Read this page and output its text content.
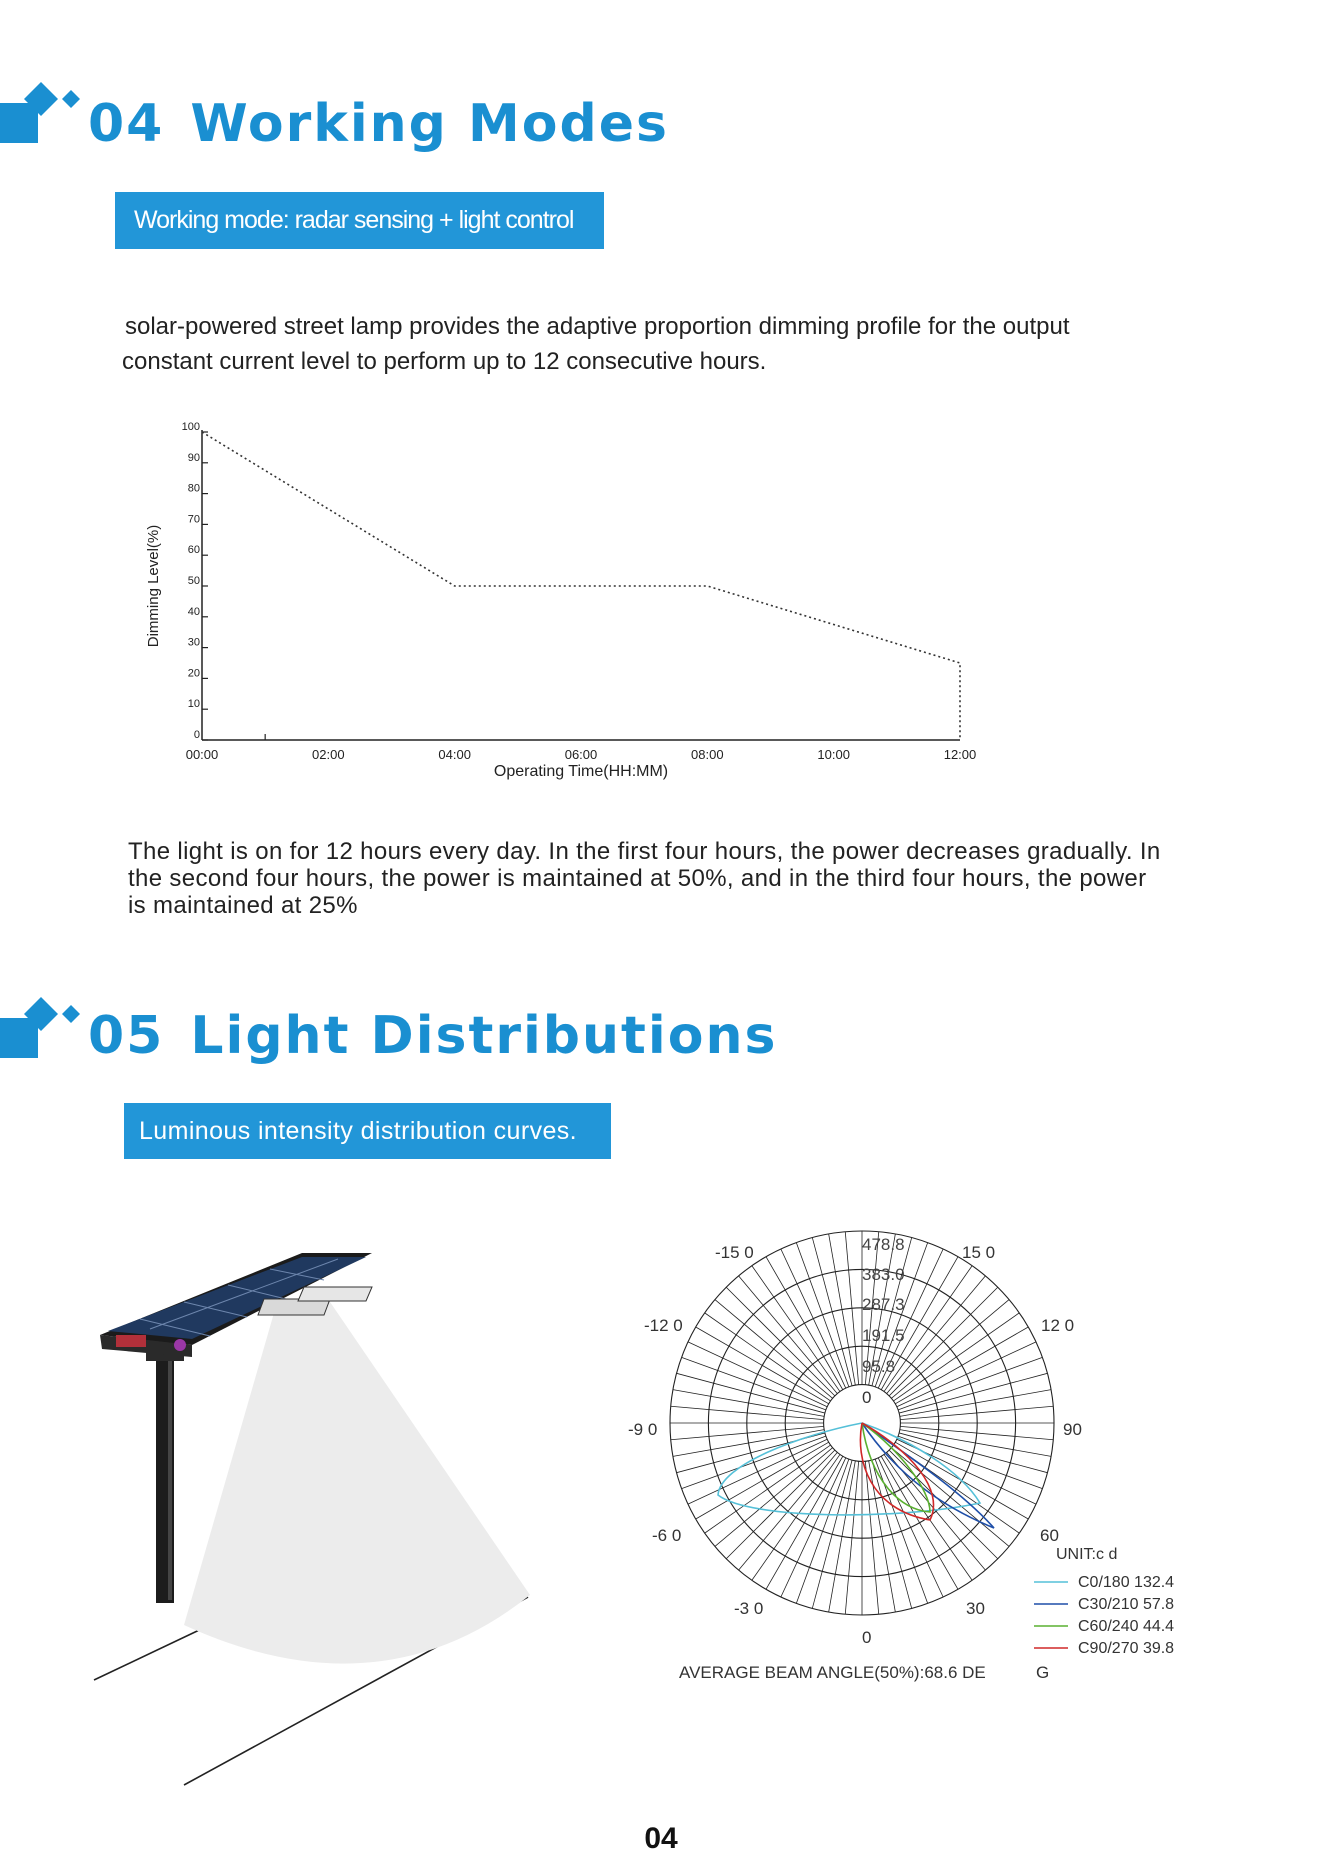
04 Working Modes
Working mode: radar sensing + light control

solar-powered street lamp provides the adaptive proportion dimming profile for the output

constant current level to perform up to 12 consecutive hours.

0
10
20
30
40
50
60
70
80
90
100
00:00	02:00	04:00	06:00	08:00	10:00	12:00
Dimming Level(%)
Operating Time(HH:MM)

The light is on for 12 hours every day. In the first four hours, the power decreases gradually. In

the second four hours, the power is maintained at 50%, and in the third four hours, the power

is maintained at 25%

05 Light Distributions
Luminous intensity distribution curves.
478.8
383.0
287.3
191.5
95.8
0
-15 0	15 0
-12 0	12 0
-9 0	90
-6 0	60
-3 0	30
0
UNIT:c d
C0/180 132.4
C30/210 57.8
C60/240 44.4
C90/270 39.8
AVERAGE BEAM ANGLE(50%):68.6 DE	G
04
